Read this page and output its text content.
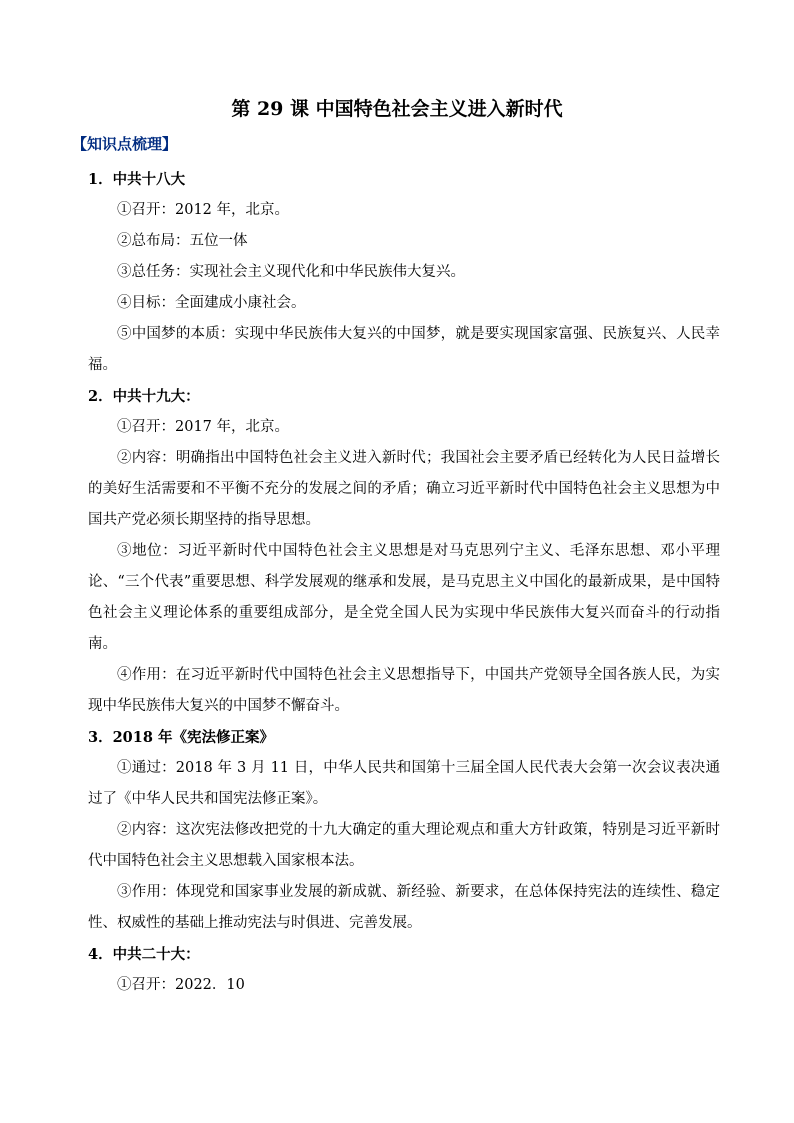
第 29 课 中国特色社会主义进入新时代
【知识点梳理】

1．中共十八大

①召开：2012 年，北京。

②总布局：五位一体

③总任务：实现社会主义现代化和中华民族伟大复兴。

④目标：全面建成小康社会。

⑤中国梦的本质：实现中华民族伟大复兴的中国梦，就是要实现国家富强、民族复兴、人民幸福。

2．中共十九大：

①召开：2017 年，北京。

②内容：明确指出中国特色社会主义进入新时代；我国社会主要矛盾已经转化为人民日益增长的美好生活需要和不平衡不充分的发展之间的矛盾；确立习近平新时代中国特色社会主义思想为中国共产党必须长期坚持的指导思想。

③地位：习近平新时代中国特色社会主义思想是对马克思列宁主义、毛泽东思想、邓小平理论、“三个代表”重要思想、科学发展观的继承和发展，是马克思主义中国化的最新成果，是中国特色社会主义理论体系的重要组成部分，是全党全国人民为实现中华民族伟大复兴而奋斗的行动指南。

④作用：在习近平新时代中国特色社会主义思想指导下，中国共产党领导全国各族人民，为实现中华民族伟大复兴的中国梦不懈奋斗。

3．2018 年《宪法修正案》

①通过：2018 年 3 月 11 日，中华人民共和国第十三届全国人民代表大会第一次会议表决通过了《中华人民共和国宪法修正案》。

②内容：这次宪法修改把党的十九大确定的重大理论观点和重大方针政策，特别是习近平新时代中国特色社会主义思想载入国家根本法。

③作用：体现党和国家事业发展的新成就、新经验、新要求，在总体保持宪法的连续性、稳定性、权威性的基础上推动宪法与时俱进、完善发展。

4．中共二十大：

①召开：2022．10
